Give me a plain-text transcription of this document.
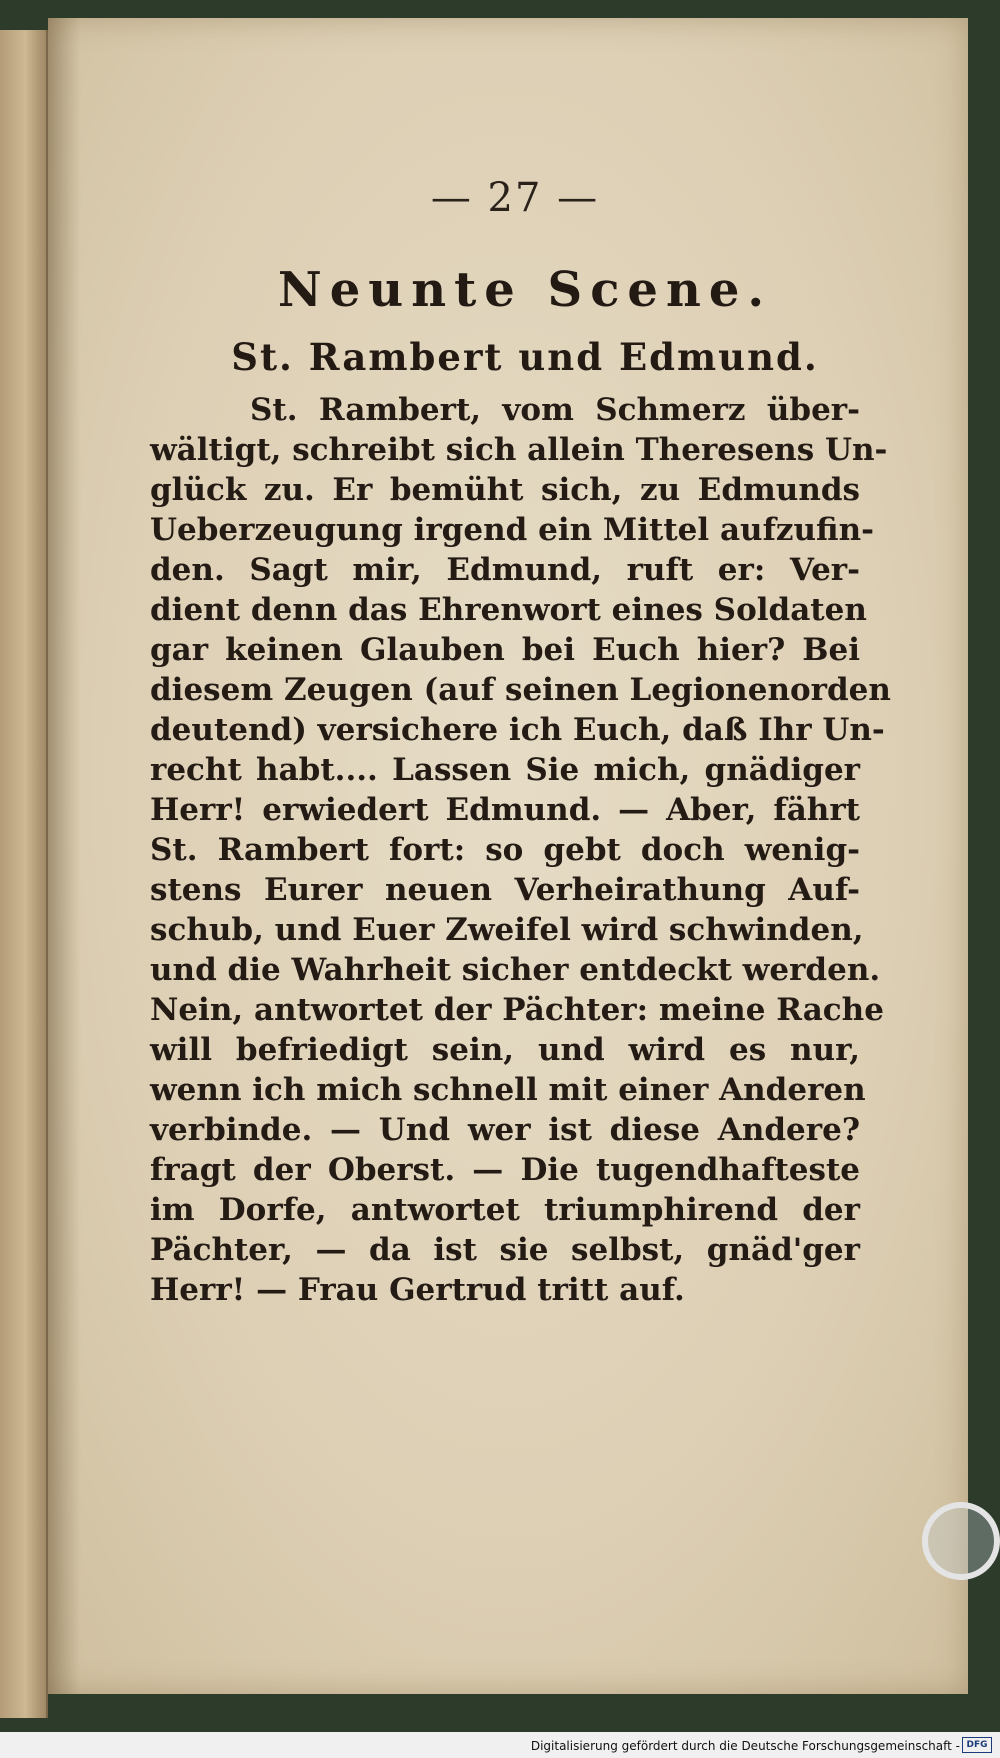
— 27 —

Neunte Scene.
St. Rambert und Edmund.
St. Rambert, vom Schmerz über-
wältigt, schreibt sich allein Theresens Un-
glück zu. Er bemüht sich, zu Edmunds
Ueberzeugung irgend ein Mittel aufzufin-
den. Sagt mir, Edmund, ruft er: Ver-
dient denn das Ehrenwort eines Soldaten
gar keinen Glauben bei Euch hier? Bei
diesem Zeugen (auf seinen Legionenorden
deutend) versichere ich Euch, daß Ihr Un-
recht habt.... Lassen Sie mich, gnädiger
Herr! erwiedert Edmund. — Aber, fährt
St. Rambert fort: so gebt doch wenig-
stens Eurer neuen Verheirathung Auf-
schub, und Euer Zweifel wird schwinden,
und die Wahrheit sicher entdeckt werden.
Nein, antwortet der Pächter: meine Rache
will befriedigt sein, und wird es nur,
wenn ich mich schnell mit einer Anderen
verbinde. — Und wer ist diese Andere?
fragt der Oberst. — Die tugendhafteste
im Dorfe, antwortet triumphirend der
Pächter, — da ist sie selbst, gnäd'ger
Herr! — Frau Gertrud tritt auf.
Digitalisierung gefördert durch die Deutsche Forschungsgemeinschaft - DFG
